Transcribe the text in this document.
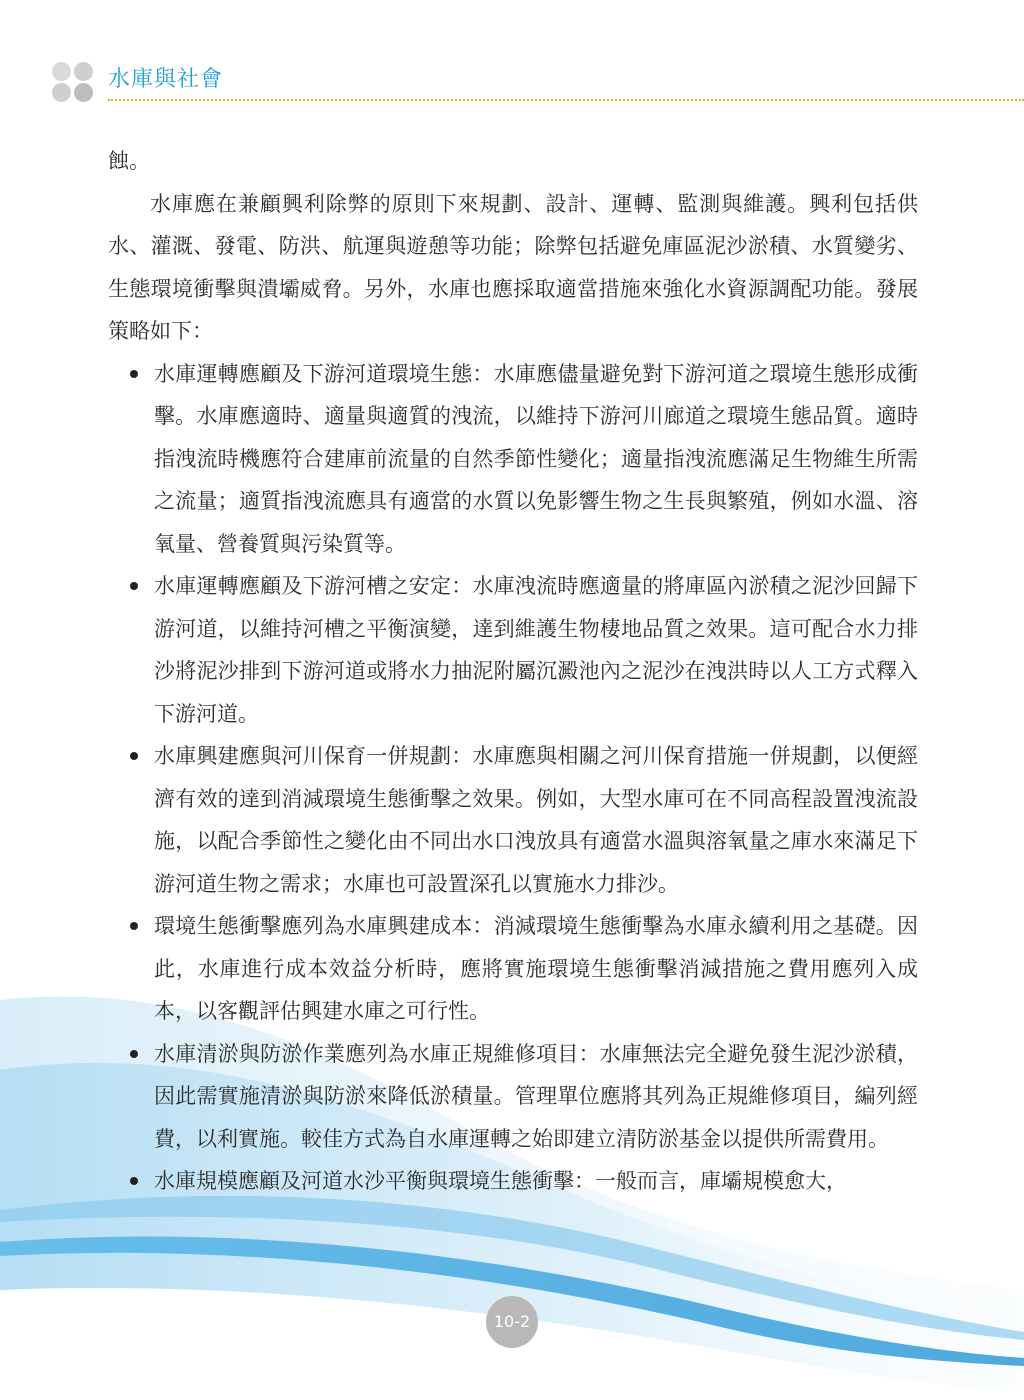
水庫與社會

蝕。

水庫應在兼顧興利除弊的原則下來規劃、設計、運轉、監測與維護。興利包括供水、灌溉、發電、防洪、航運與遊憩等功能；除弊包括避免庫區泥沙淤積、水質變劣、生態環境衝擊與潰壩威脅。另外，水庫也應採取適當措施來強化水資源調配功能。發展策略如下：

水庫運轉應顧及下游河道環境生態：水庫應儘量避免對下游河道之環境生態形成衝擊。水庫應適時、適量與適質的洩流，以維持下游河川廊道之環境生態品質。適時指洩流時機應符合建庫前流量的自然季節性變化；適量指洩流應滿足生物維生所需之流量；適質指洩流應具有適當的水質以免影響生物之生長與繁殖，例如水溫、溶氧量、營養質與污染質等。
水庫運轉應顧及下游河槽之安定：水庫洩流時應適量的將庫區內淤積之泥沙回歸下游河道，以維持河槽之平衡演變，達到維護生物棲地品質之效果。這可配合水力排沙將泥沙排到下游河道或將水力抽泥附屬沉澱池內之泥沙在洩洪時以人工方式釋入下游河道。
水庫興建應與河川保育一併規劃：水庫應與相關之河川保育措施一併規劃，以便經濟有效的達到消減環境生態衝擊之效果。例如，大型水庫可在不同高程設置洩流設施，以配合季節性之變化由不同出水口洩放具有適當水溫與溶氧量之庫水來滿足下游河道生物之需求；水庫也可設置深孔以實施水力排沙。
環境生態衝擊應列為水庫興建成本：消減環境生態衝擊為水庫永續利用之基礎。因此，水庫進行成本效益分析時，應將實施環境生態衝擊消減措施之費用應列入成本，以客觀評估興建水庫之可行性。
水庫清淤與防淤作業應列為水庫正規維修項目：水庫無法完全避免發生泥沙淤積，因此需實施清淤與防淤來降低淤積量。管理單位應將其列為正規維修項目，編列經費，以利實施。較佳方式為自水庫運轉之始即建立清防淤基金以提供所需費用。
水庫規模應顧及河道水沙平衡與環境生態衝擊：一般而言，庫壩規模愈大，
10-2
